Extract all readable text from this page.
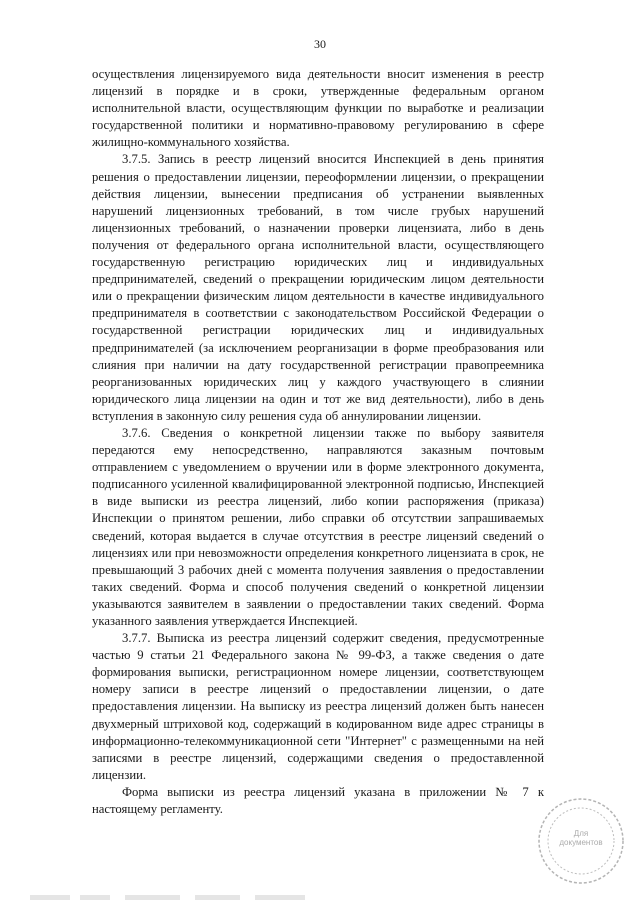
30

осуществления лицензируемого вида деятельности вносит изменения в реестр лицензий в порядке и в сроки, утвержденные федеральным органом исполнительной власти, осуществляющим функции по выработке и реализации государственной политики и нормативно-правовому регулированию в сфере жилищно-коммунального хозяйства.

3.7.5. Запись в реестр лицензий вносится Инспекцией в день принятия решения о предоставлении лицензии, переоформлении лицензии, о прекращении действия лицензии, вынесении предписания об устранении выявленных нарушений лицензионных требований, в том числе грубых нарушений лицензионных требований, о назначении проверки лицензиата, либо в день получения от федерального органа исполнительной власти, осуществляющего государственную регистрацию юридических лиц и индивидуальных предпринимателей, сведений о прекращении юридическим лицом деятельности или о прекращении физическим лицом деятельности в качестве индивидуального предпринимателя в соответствии с законодательством Российской Федерации о государственной регистрации юридических лиц и индивидуальных предпринимателей (за исключением реорганизации в форме преобразования или слияния при наличии на дату государственной регистрации правопреемника реорганизованных юридических лиц у каждого участвующего в слиянии юридического лица лицензии на один и тот же вид деятельности), либо в день вступления в законную силу решения суда об аннулировании лицензии.

3.7.6. Сведения о конкретной лицензии также по выбору заявителя передаются ему непосредственно, направляются заказным почтовым отправлением с уведомлением о вручении или в форме электронного документа, подписанного усиленной квалифицированной электронной подписью, Инспекцией в виде выписки из реестра лицензий, либо копии распоряжения (приказа) Инспекции о принятом решении, либо справки об отсутствии запрашиваемых сведений, которая выдается в случае отсутствия в реестре лицензий сведений о лицензиях или при невозможности определения конкретного лицензиата в срок, не превышающий 3 рабочих дней с момента получения заявления о предоставлении таких сведений. Форма и способ получения сведений о конкретной лицензии указываются заявителем в заявлении о предоставлении таких сведений. Форма указанного заявления утверждается Инспекцией.

3.7.7. Выписка из реестра лицензий содержит сведения, предусмотренные частью 9 статьи 21 Федерального закона № 99-ФЗ, а также сведения о дате формирования выписки, регистрационном номере лицензии, соответствующем номеру записи в реестре лицензий о предоставлении лицензии, о дате предоставления лицензии. На выписку из реестра лицензий должен быть нанесен двухмерный штриховой код, содержащий в кодированном виде адрес страницы в информационно-телекоммуникационной сети "Интернет" с размещенными на ней записями в реестре лицензий, содержащими сведения о предоставленной лицензии.

Форма выписки из реестра лицензий указана в приложении № 7 к настоящему регламенту.

Для
документов
